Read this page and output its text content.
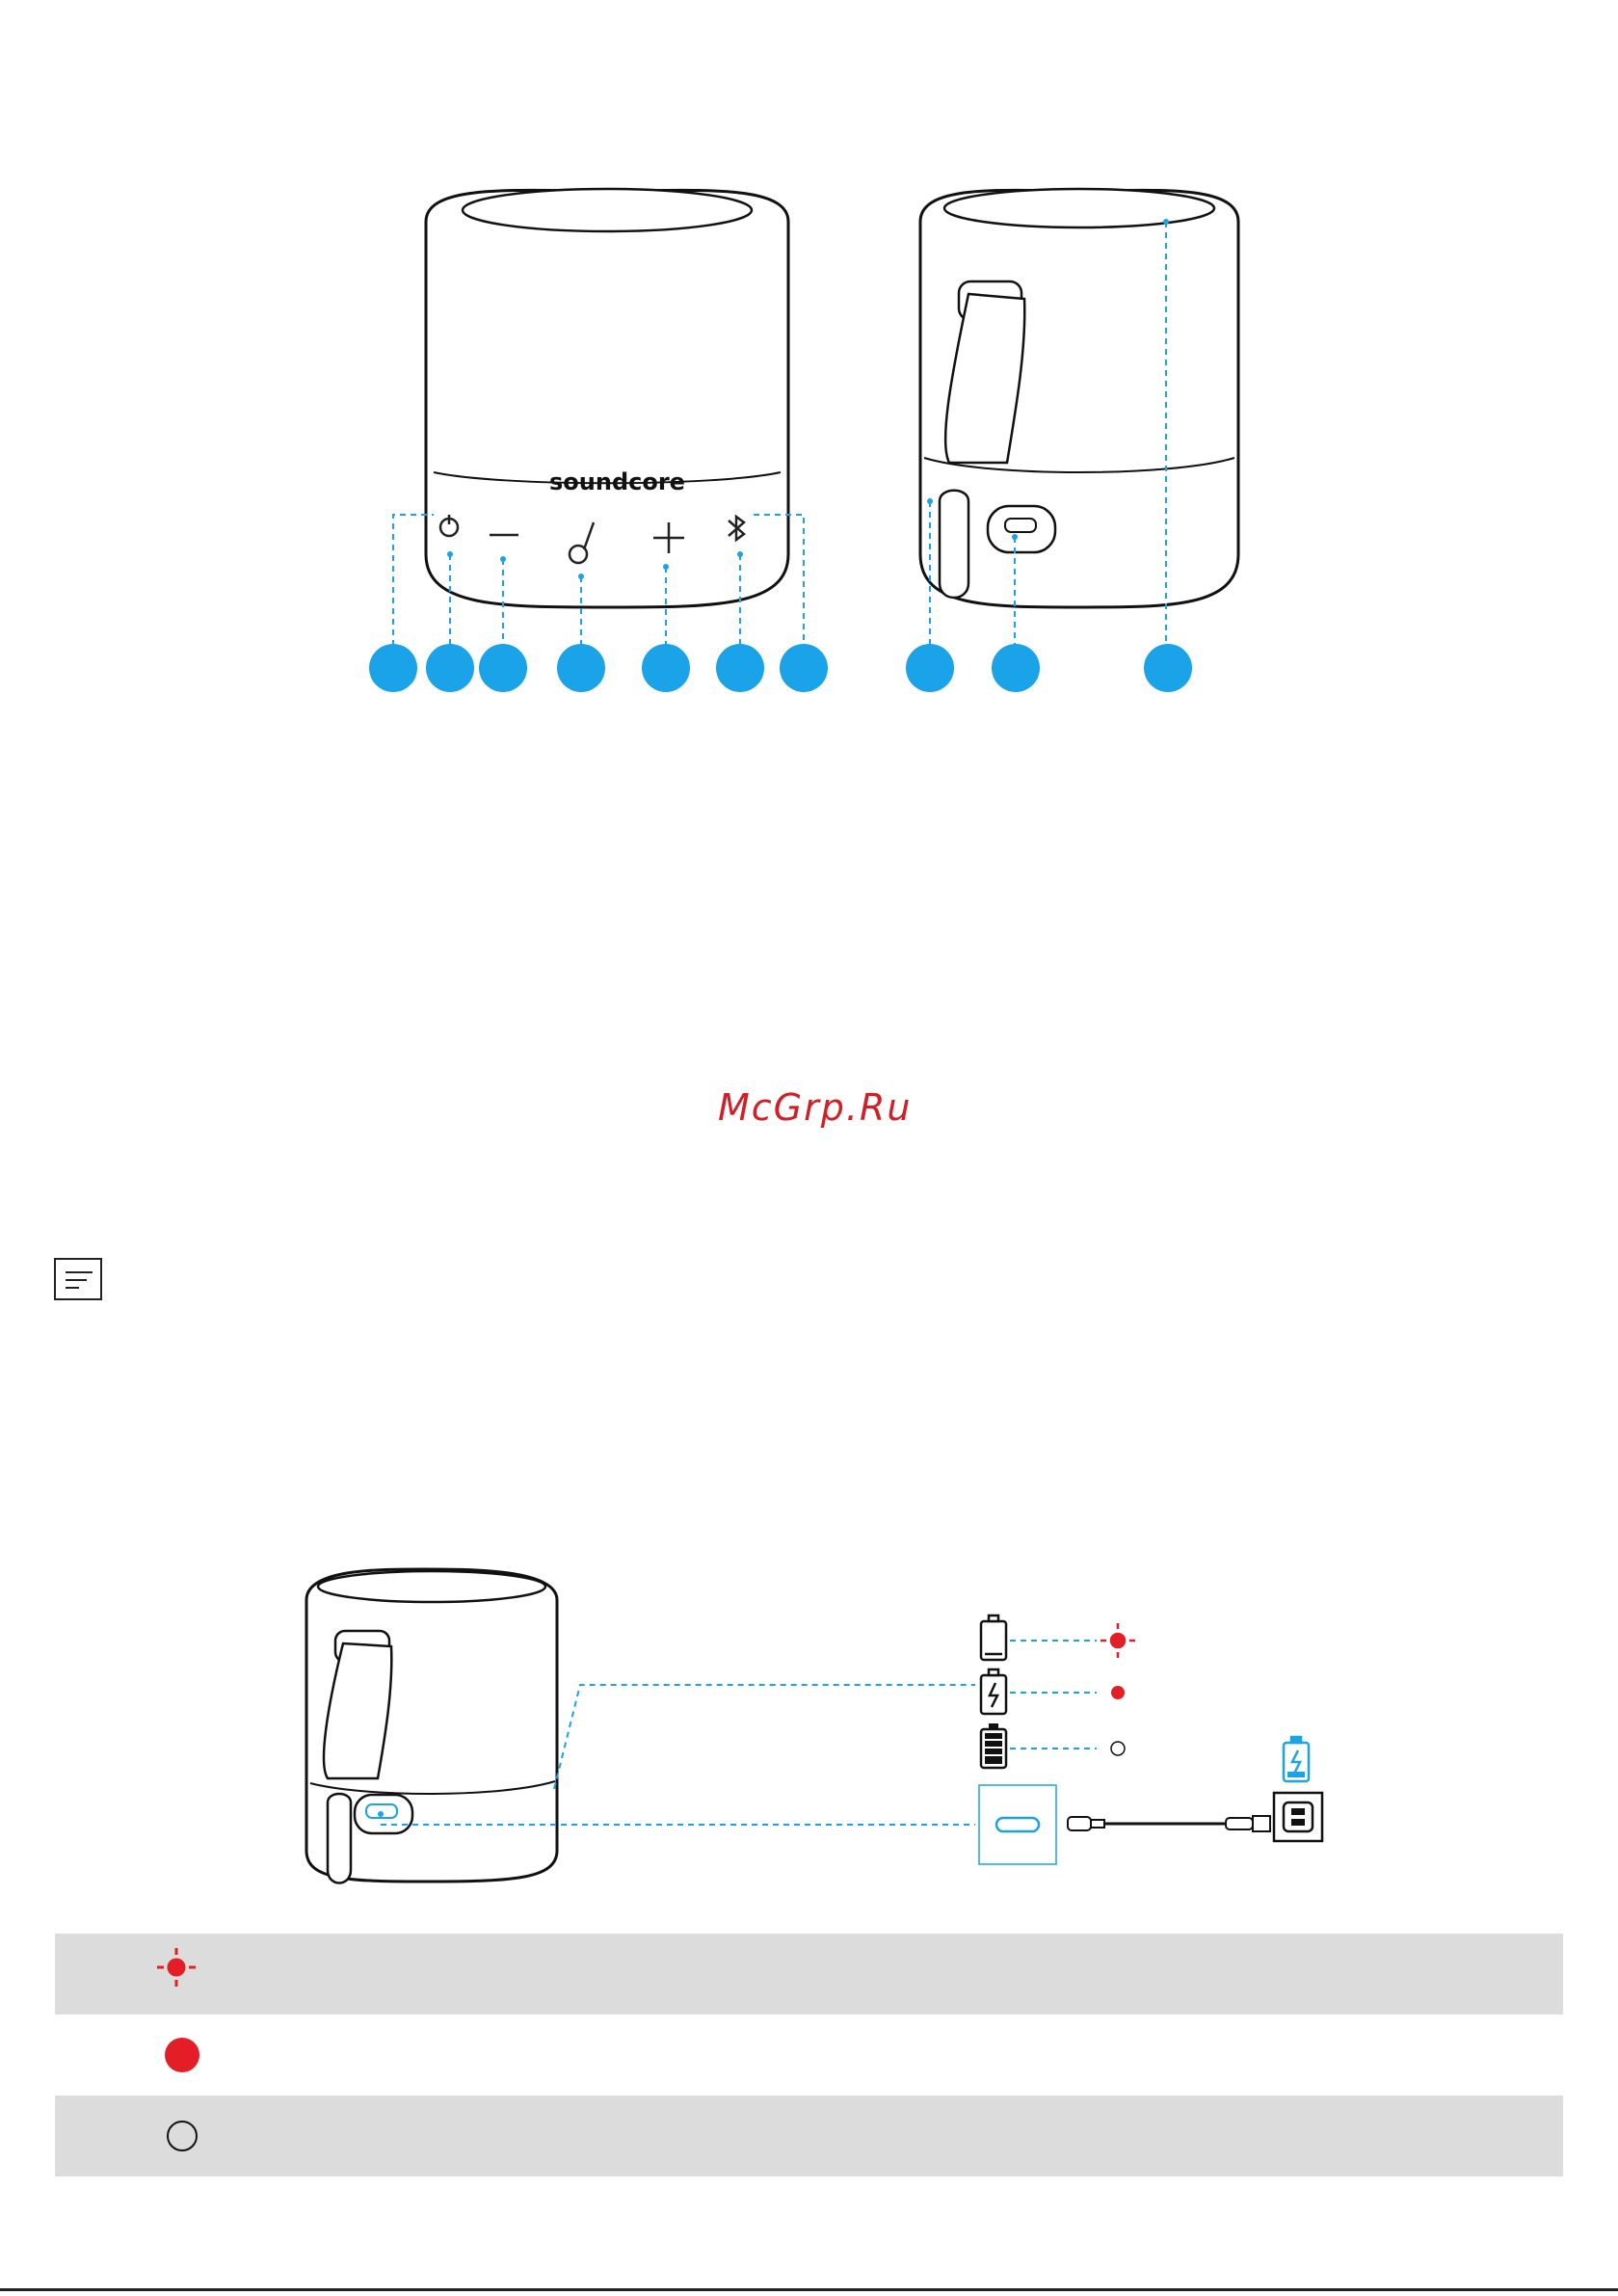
soundcore
McGrp.Ru
